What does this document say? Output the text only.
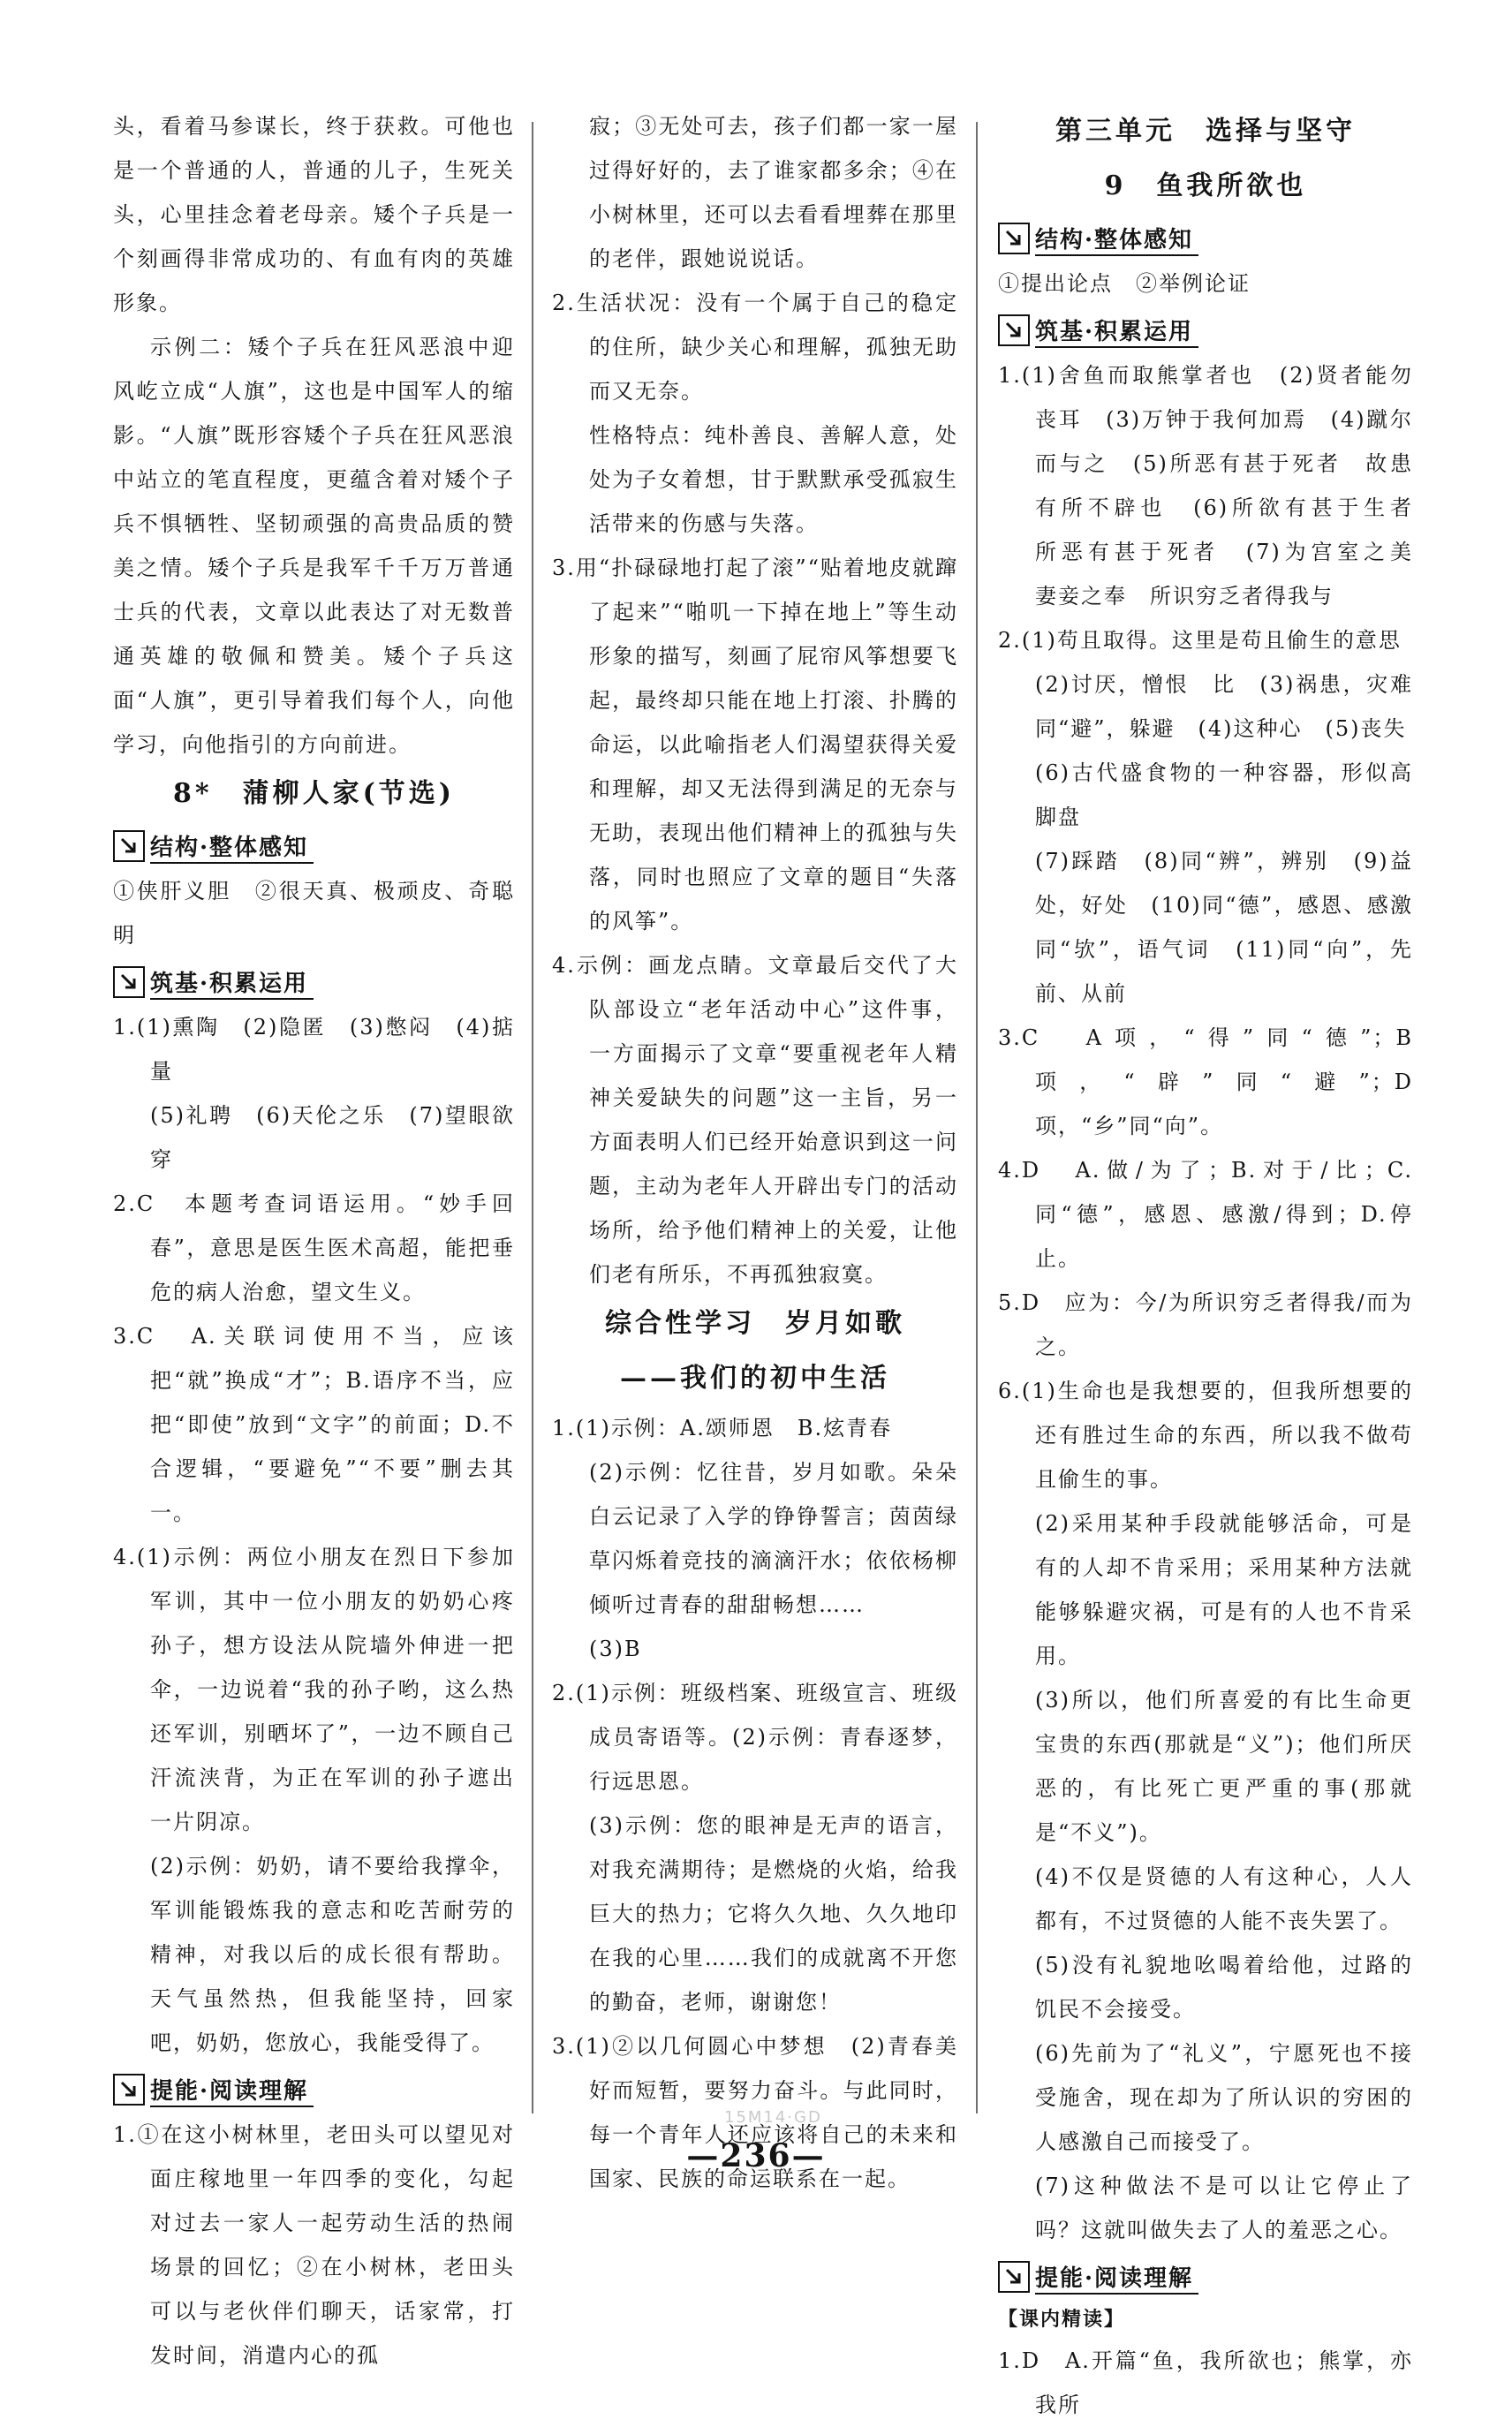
头，看着马参谋长，终于获救。可他也是一个普通的人，普通的儿子，生死关头，心里挂念着老母亲。矮个子兵是一个刻画得非常成功的、有血有肉的英雄形象。

示例二：矮个子兵在狂风恶浪中迎风屹立成“人旗”，这也是中国军人的缩影。“人旗”既形容矮个子兵在狂风恶浪中站立的笔直程度，更蕴含着对矮个子兵不惧牺牲、坚韧顽强的高贵品质的赞美之情。矮个子兵是我军千千万万普通士兵的代表，文章以此表达了对无数普通英雄的敬佩和赞美。矮个子兵这面“人旗”，更引导着我们每个人，向他学习，向他指引的方向前进。

8*　蒲柳人家(节选)
结构·整体感知

①侠肝义胆　②很天真、极顽皮、奇聪明

筑基·积累运用

1.(1)熏陶　(2)隐匿　(3)憋闷　(4)掂量

(5)礼聘　(6)天伦之乐　(7)望眼欲穿

2.C　本题考查词语运用。“妙手回春”，意思是医生医术高超，能把垂危的病人治愈，望文生义。

3.C　A.关联词使用不当，应该把“就”换成“才”；B.语序不当，应把“即使”放到“文字”的前面；D.不合逻辑，“要避免”“不要”删去其一。

4.(1)示例：两位小朋友在烈日下参加军训，其中一位小朋友的奶奶心疼孙子，想方设法从院墙外伸进一把伞，一边说着“我的孙子哟，这么热还军训，别晒坏了”，一边不顾自己汗流浃背，为正在军训的孙子遮出一片阴凉。

(2)示例：奶奶，请不要给我撑伞，军训能锻炼我的意志和吃苦耐劳的精神，对我以后的成长很有帮助。天气虽然热，但我能坚持，回家吧，奶奶，您放心，我能受得了。

提能·阅读理解

1.①在这小树林里，老田头可以望见对面庄稼地里一年四季的变化，勾起对过去一家人一起劳动生活的热闹场景的回忆；②在小树林，老田头可以与老伙伴们聊天，话家常，打发时间，消遣内心的孤

寂；③无处可去，孩子们都一家一屋过得好好的，去了谁家都多余；④在小树林里，还可以去看看埋葬在那里的老伴，跟她说说话。

2.生活状况：没有一个属于自己的稳定的住所，缺少关心和理解，孤独无助而又无奈。

性格特点：纯朴善良、善解人意，处处为子女着想，甘于默默承受孤寂生活带来的伤感与失落。

3.用“扑碌碌地打起了滚”“贴着地皮就蹿了起来”“啪叽一下掉在地上”等生动形象的描写，刻画了屁帘风筝想要飞起，最终却只能在地上打滚、扑腾的命运，以此喻指老人们渴望获得关爱和理解，却又无法得到满足的无奈与无助，表现出他们精神上的孤独与失落，同时也照应了文章的题目“失落的风筝”。

4.示例：画龙点睛。文章最后交代了大队部设立“老年活动中心”这件事，一方面揭示了文章“要重视老年人精神关爱缺失的问题”这一主旨，另一方面表明人们已经开始意识到这一问题，主动为老年人开辟出专门的活动场所，给予他们精神上的关爱，让他们老有所乐，不再孤独寂寞。

综合性学习　岁月如歌
——我们的初中生活

1.(1)示例：A.颂师恩　B.炫青春

(2)示例：忆往昔，岁月如歌。朵朵白云记录了入学的铮铮誓言；茵茵绿草闪烁着竞技的滴滴汗水；依依杨柳倾听过青春的甜甜畅想……

(3)B

2.(1)示例：班级档案、班级宣言、班级成员寄语等。(2)示例：青春逐梦，行远思恩。

(3)示例：您的眼神是无声的语言，对我充满期待；是燃烧的火焰，给我巨大的热力；它将久久地、久久地印在我的心里……我们的成就离不开您的勤奋，老师，谢谢您！

3.(1)②以几何圆心中梦想　(2)青春美好而短暂，要努力奋斗。与此同时，每一个青年人还应该将自己的未来和国家、民族的命运联系在一起。

第三单元　选择与坚守
9　鱼我所欲也
结构·整体感知

①提出论点　②举例论证

筑基·积累运用

1.(1)舍鱼而取熊掌者也　(2)贤者能勿丧耳　(3)万钟于我何加焉　(4)蹴尔而与之　(5)所恶有甚于死者　故患有所不辟也　(6)所欲有甚于生者　所恶有甚于死者　(7)为宫室之美　妻妾之奉　所识穷乏者得我与

2.(1)苟且取得。这里是苟且偷生的意思

(2)讨厌，憎恨　比　(3)祸患，灾难　同“避”，躲避　(4)这种心　(5)丧失

(6)古代盛食物的一种容器，形似高脚盘

(7)踩踏　(8)同“辨”，辨别　(9)益处，好处　(10)同“德”，感恩、感激　同“欤”，语气词　(11)同“向”，先前、从前

3.C　A项，“得”同“德”；B项，“辟”同“避”；D项，“乡”同“向”。

4.D　A.做/为了；B.对于/比；C.同“德”，感恩、感激/得到；D.停止。

5.D　应为：今/为所识穷乏者得我/而为之。

6.(1)生命也是我想要的，但我所想要的还有胜过生命的东西，所以我不做苟且偷生的事。

(2)采用某种手段就能够活命，可是有的人却不肯采用；采用某种方法就能够躲避灾祸，可是有的人也不肯采用。

(3)所以，他们所喜爱的有比生命更宝贵的东西(那就是“义”)；他们所厌恶的，有比死亡更严重的事(那就是“不义”)。

(4)不仅是贤德的人有这种心，人人都有，不过贤德的人能不丧失罢了。

(5)没有礼貌地吆喝着给他，过路的饥民不会接受。

(6)先前为了“礼义”，宁愿死也不接受施舍，现在却为了所认识的穷困的人感激自己而接受了。

(7)这种做法不是可以让它停止了吗？这就叫做失去了人的羞恶之心。

提能·阅读理解

【课内精读】

1.D　A.开篇“鱼，我所欲也；熊掌，亦我所

15M14·GD
—236—
